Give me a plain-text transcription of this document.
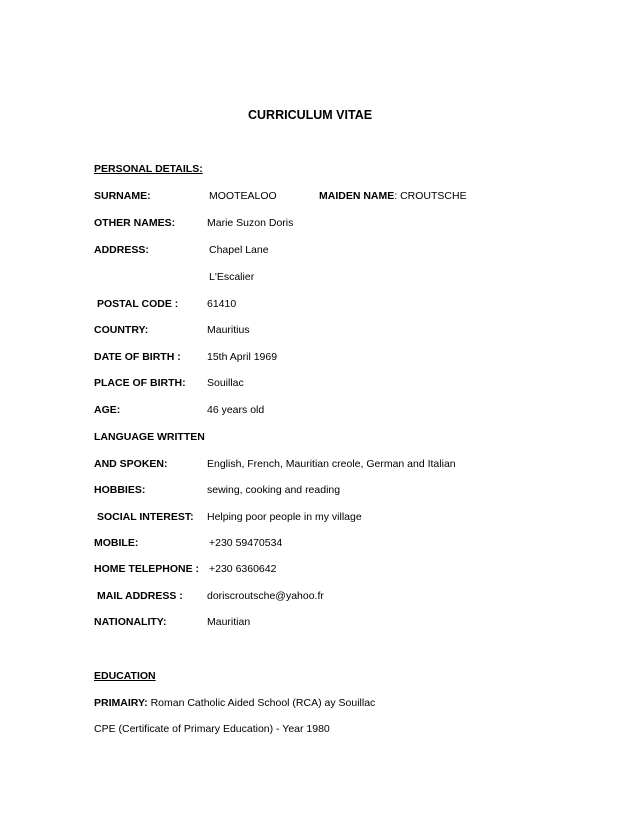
CURRICULUM VITAE
PERSONAL DETAILS:
SURNAME:	MOOTEALOO	MAIDEN NAME: CROUTSCHE
OTHER NAMES:	Marie Suzon Doris
ADDRESS:	Chapel Lane
L'Escalier
POSTAL CODE :	61410
COUNTRY:	Mauritius
DATE OF BIRTH :	15th April 1969
PLACE OF BIRTH: Souillac
AGE:	46 years old
LANGUAGE WRITTEN
AND SPOKEN:	English, French, Mauritian creole, German and Italian
HOBBIES:	sewing, cooking and reading
SOCIAL INTEREST: Helping poor people in my village
MOBILE:	+230 59470534
HOME TELEPHONE : +230 6360642
MAIL ADDRESS : doriscroutsche@yahoo.fr
NATIONALITY:	Mauritian
EDUCATION
PRIMAIRY: Roman Catholic Aided School (RCA) ay Souillac
CPE (Certificate of Primary Education) - Year 1980
